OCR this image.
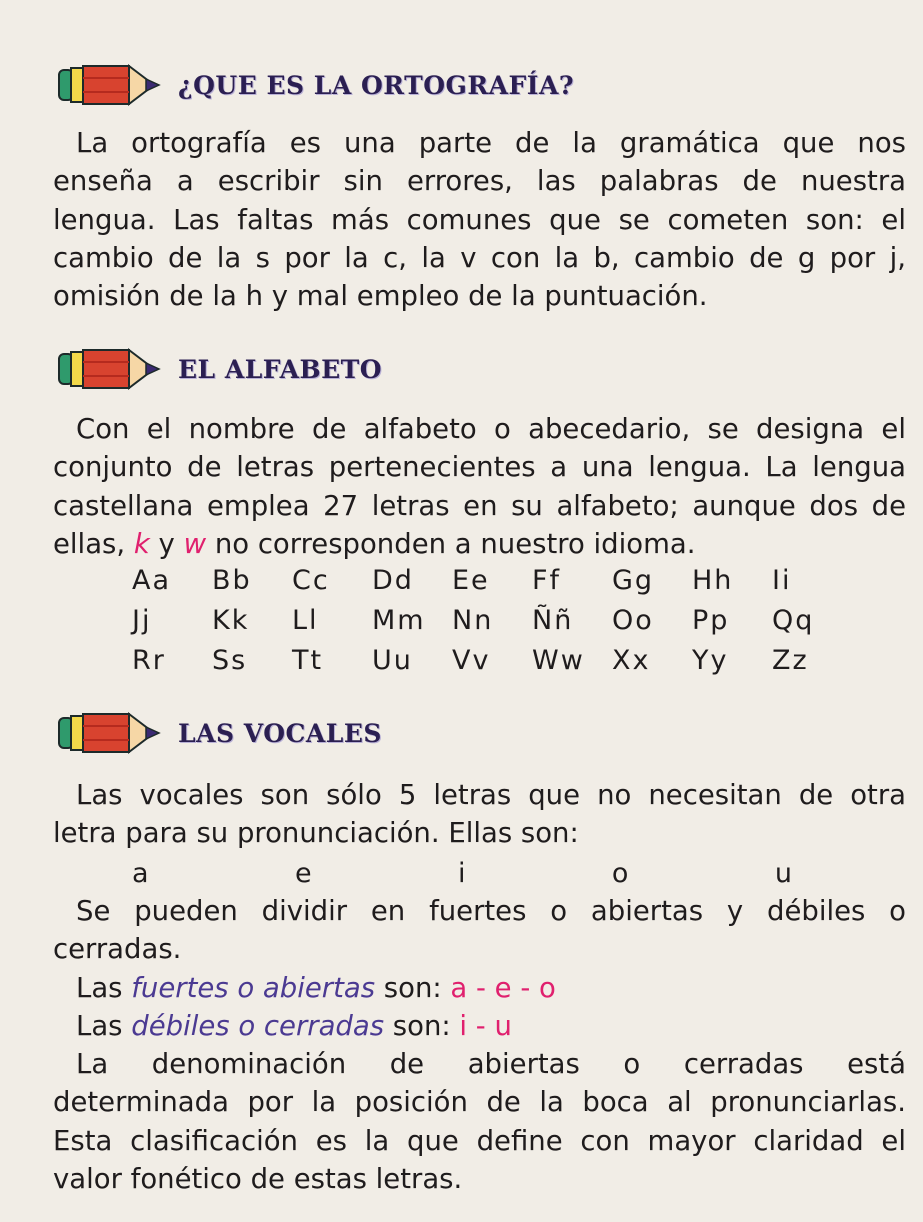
¿QUE ES LA ORTOGRAFÍA?
La ortografía es una parte de la gramática que nos
enseña a escribir sin errores, las palabras de nuestra
lengua. Las faltas más comunes que se cometen son: el
cambio de la s por la c, la v con la b, cambio de g por j,
omisión de la h y mal empleo de la puntuación.
EL ALFABETO
Con el nombre de alfabeto o abecedario, se designa el
conjunto de letras pertenecientes a una lengua. La lengua
castellana emplea 27 letras en su alfabeto; aunque dos de
ellas, k y w no corresponden a nuestro idioma.
Aa	Bb	Cc	Dd	Ee	Ff	Gg	Hh	Ii
Jj	Kk	Ll	Mm Nn	Ññ	Oo	Pp	Qq
Rr	Ss	Tt	Uu	Vv	Ww	Xx	Yy	Zz
LAS VOCALES
Las vocales son sólo 5 letras que no necesitan de otra
letra para su pronunciación. Ellas son:
a	e	i	o	u
Se pueden dividir en fuertes o abiertas y débiles o
cerradas.
Las fuertes o abiertas son: a - e - o
Las débiles o cerradas son: i - u
La denominación de abiertas o cerradas está
determinada por la posición de la boca al pronunciarlas.
Esta clasificación es la que define con mayor claridad el
valor fonético de estas letras.
